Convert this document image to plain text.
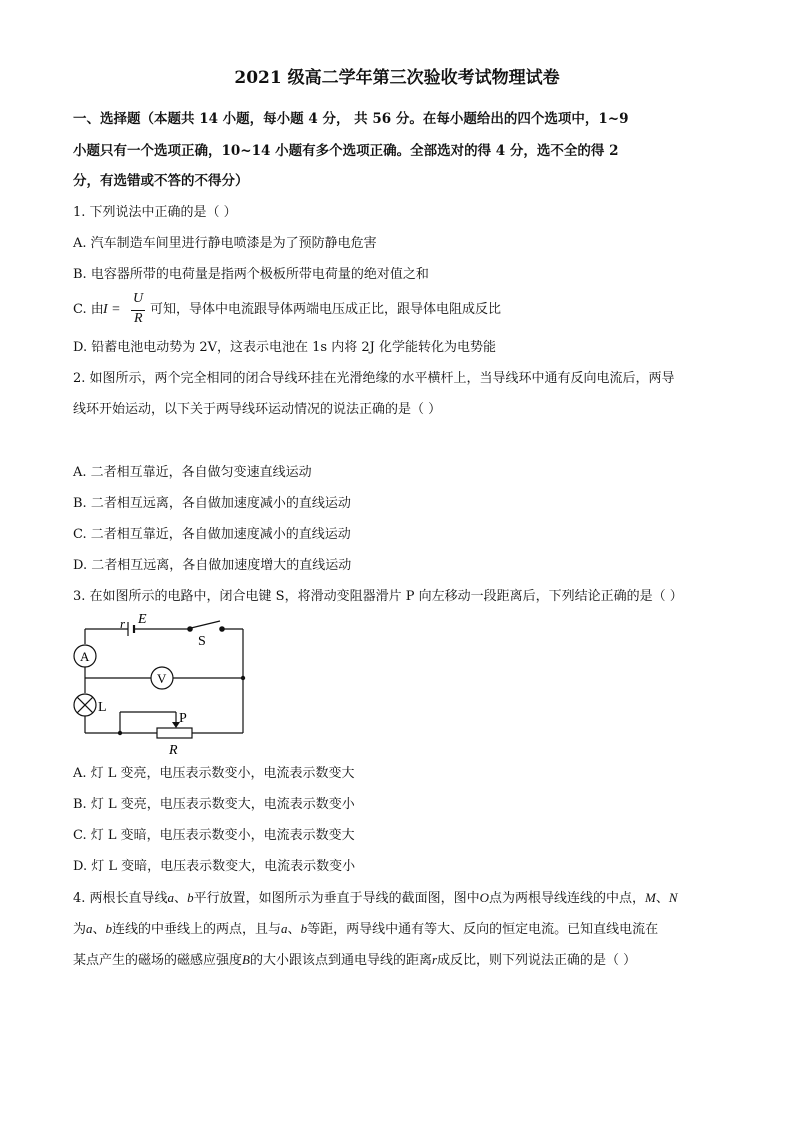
2021 级高二学年第三次验收考试物理试卷
一、选择题（本题共 14 小题，每小题 4 分， 共 56 分。在每小题给出的四个选项中，1~9
小题只有一个选项正确，10~14 小题有多个选项正确。全部选对的得 4 分，选不全的得 2
分，有选错或不答的不得分）
1. 下列说法中正确的是（ ）
A. 汽车制造车间里进行静电喷漆是为了预防静电危害
B. 电容器所带的电荷量是指两个极板所带电荷量的绝对值之和
C. 由 I =
U
R
可知，导体中电流跟导体两端电压成正比，跟导体电阻成反比
D. 铅蓄电池电动势为 2V，这表示电池在 1s 内将 2J 化学能转化为电势能
2. 如图所示，两个完全相同的闭合导线环挂在光滑绝缘的水平横杆上，当导线环中通有反向电流后，两导
线环开始运动，以下关于两导线环运动情况的说法正确的是（ ）
A. 二者相互靠近，各自做匀变速直线运动
B. 二者相互远离，各自做加速度减小的直线运动
C. 二者相互靠近，各自做加速度减小的直线运动
D. 二者相互远离，各自做加速度增大的直线运动
3. 在如图所示的电路中，闭合电键 S，将滑动变阻器滑片 P 向左移动一段距离后，下列结论正确的是（ ）
r E
S
A
V
L
P
R
A. 灯 L 变亮，电压表示数变小，电流表示数变大
B. 灯 L 变亮，电压表示数变大，电流表示数变小
C. 灯 L 变暗，电压表示数变小，电流表示数变大
D. 灯 L 变暗，电压表示数变大，电流表示数变小
4. 两根长直导线a、b平行放置，如图所示为垂直于导线的截面图，图中O点为两根导线连线的中点，M、N
为a、b连线的中垂线上的两点，且与a、b等距，两导线中通有等大、反向的恒定电流。已知直线电流在
某点产生的磁场的磁感应强度B的大小跟该点到通电导线的距离r成反比，则下列说法正确的是（ ）
